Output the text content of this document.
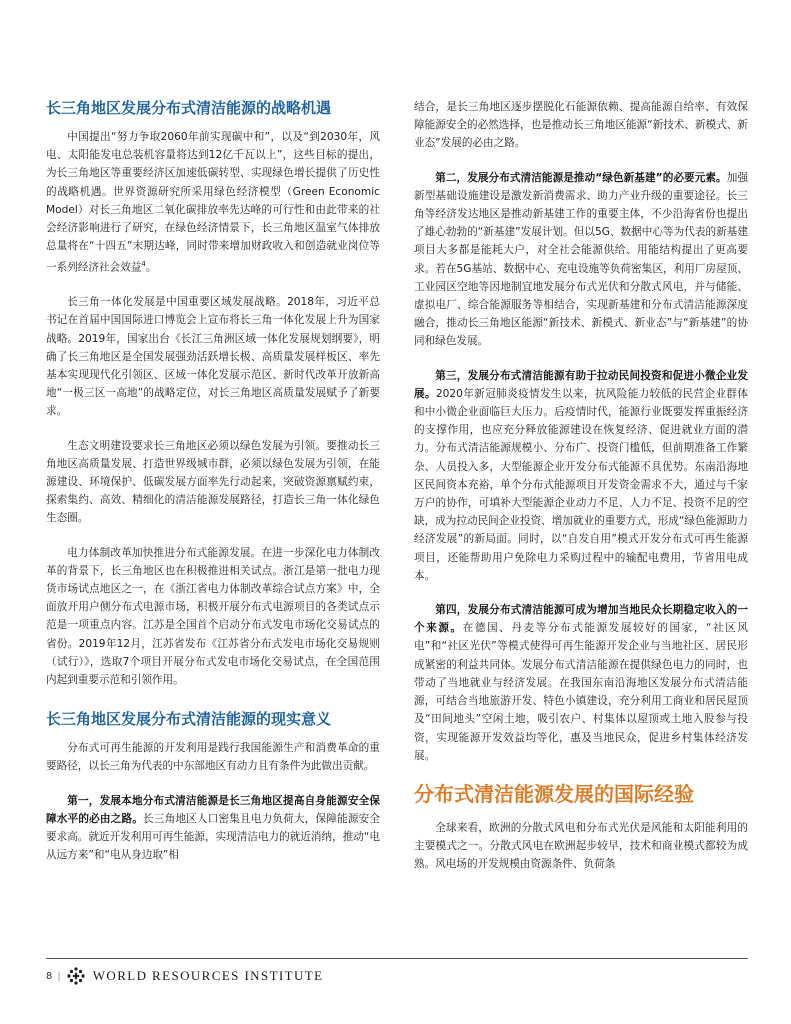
长三角地区发展分布式清洁能源的战略机遇
中国提出“努力争取2060年前实现碳中和”，以及“到2030年，风电、太阳能发电总装机容量将达到12亿千瓦以上”，这些目标的提出，为长三角地区等重要经济区加速低碳转型、实现绿色增长提供了历史性的战略机遇。世界资源研究所采用绿色经济模型（Green Economic Model）对长三角地区二氧化碳排放率先达峰的可行性和由此带来的社会经济影响进行了研究，在绿色经济情景下，长三角地区温室气体排放总量将在“十四五”末期达峰，同时带来增加财政收入和创造就业岗位等一系列经济社会效益$^4$。
长三角一体化发展是中国重要区域发展战略。2018年，习近平总书记在首届中国国际进口博览会上宣布将长三角一体化发展上升为国家战略。2019年，国家出台《长江三角洲区域一体化发展规划纲要》，明确了长三角地区是全国发展强劲活跃增长极、高质量发展样板区、率先基本实现现代化引领区、区域一体化发展示范区、新时代改革开放新高地“一极三区一高地”的战略定位，对长三角地区高质量发展赋予了新要求。
生态文明建设要求长三角地区必须以绿色发展为引领。要推动长三角地区高质量发展、打造世界级城市群，必须以绿色发展为引领，在能源建设、环境保护、低碳发展方面率先行动起来，突破资源禀赋约束，探索集约、高效、精细化的清洁能源发展路径，打造长三角一体化绿色生态圈。
电力体制改革加快推进分布式能源发展。在进一步深化电力体制改革的背景下，长三角地区也在积极推进相关试点。浙江是第一批电力现货市场试点地区之一，在《浙江省电力体制改革综合试点方案》中，全面放开用户侧分布式电源市场，积极开展分布式电源项目的各类试点示范是一项重点内容。江苏是全国首个启动分布式发电市场化交易试点的省份。2019年12月，江苏省发布《江苏省分布式发电市场化交易规则（试行）》，选取7个项目开展分布式发电市场化交易试点，在全国范围内起到重要示范和引领作用。
长三角地区发展分布式清洁能源的现实意义
分布式可再生能源的开发利用是践行我国能源生产和消费革命的重要路径，以长三角为代表的中东部地区有动力且有条件为此做出贡献。
第一，发展本地分布式清洁能源是长三角地区提高自身能源安全保障水平的必由之路。长三角地区人口密集且电力负荷大，保障能源安全要求高。就近开发利用可再生能源，实现清洁电力的就近消纳，推动“电从远方来”和“电从身边取”相
结合，是长三角地区逐步摆脱化石能源依赖、提高能源自给率、有效保障能源安全的必然选择，也是推动长三角地区能源“新技术、新模式、新业态”发展的必由之路。
第二，发展分布式清洁能源是推动“绿色新基建”的必要元素。加强新型基础设施建设是激发新消费需求、助力产业升级的重要途径。长三角等经济发达地区是推动新基建工作的重要主体，不少沿海省份也提出了雄心勃勃的“新基建”发展计划。但以5G、数据中心等为代表的新基建项目大多都是能耗大户，对全社会能源供给、用能结构提出了更高要求。若在5G基站、数据中心、充电设施等负荷密集区，利用厂房屋顶、工业园区空地等因地制宜地发展分布式光伏和分散式风电，并与储能、虚拟电厂、综合能源服务等相结合，实现新基建和分布式清洁能源深度融合，推动长三角地区能源“新技术、新模式、新业态”与“新基建”的协同和绿色发展。
第三，发展分布式清洁能源有助于拉动民间投资和促进小微企业发展。2020年新冠肺炎疫情发生以来，抗风险能力较低的民营企业群体和中小微企业面临巨大压力。后疫情时代，能源行业既要发挥重振经济的支撑作用，也应充分释放能源建设在恢复经济、促进就业方面的潜力。分布式清洁能源规模小、分布广、投资门槛低，但前期准备工作繁杂、人员投入多，大型能源企业开发分布式能源不具优势。东南沿海地区民间资本充裕，单个分布式能源项目开发资金需求不大，通过与千家万户的协作，可填补大型能源企业动力不足、人力不足、投资不足的空缺，成为拉动民间企业投资、增加就业的重要方式，形成“绿色能源助力经济发展”的新局面。同时，以“自发自用”模式开发分布式可再生能源项目，还能帮助用户免除电力采购过程中的输配电费用，节省用电成本。
第四，发展分布式清洁能源可成为增加当地民众长期稳定收入的一个来源。在德国、丹麦等分布式能源发展较好的国家，“社区风电”和“社区光伏”等模式使得可再生能源开发企业与当地社区、居民形成紧密的利益共同体。发展分布式清洁能源在提供绿色电力的同时，也带动了当地就业与经济发展。在我国东南沿海地区发展分布式清洁能源，可结合当地旅游开发、特色小镇建设，充分利用工商业和居民屋顶及“田间地头”空闲土地，吸引农户、村集体以屋顶或土地入股参与投资，实现能源开发效益均等化，惠及当地民众，促进乡村集体经济发展。
分布式清洁能源发展的国际经验
全球来看，欧洲的分散式风电和分布式光伏是风能和太阳能利用的主要模式之一。分散式风电在欧洲起步较早，技术和商业模式都较为成熟。风电场的开发规模由资源条件、负荷条
8 | WORLD RESOURCES INSTITUTE
